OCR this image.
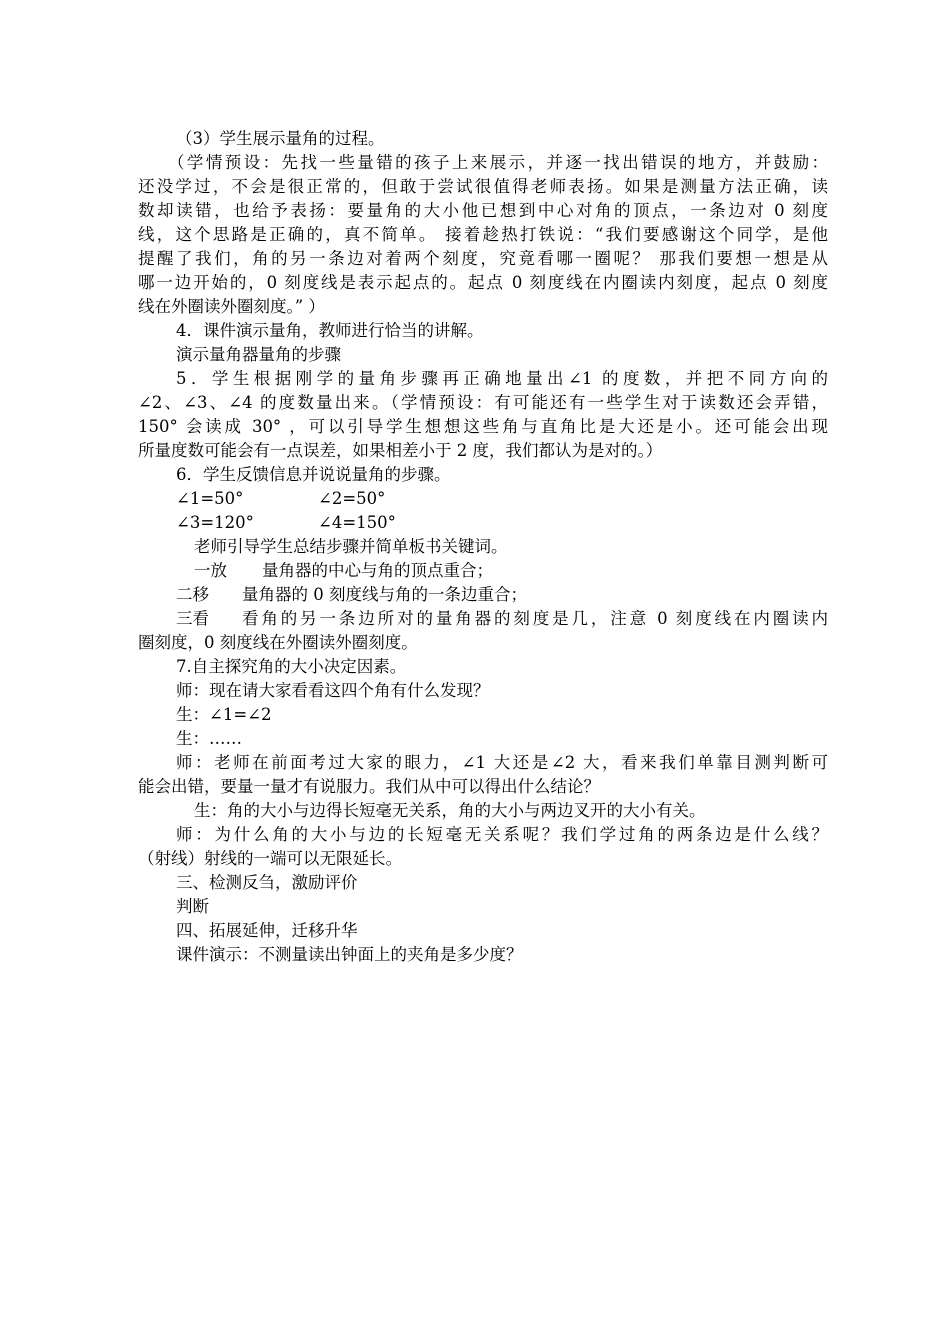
（3）学生展示量角的过程。
（学情预设：先找一些量错的孩子上来展示，并逐一找出错误的地方，并鼓励：
还没学过，不会是很正常的，但敢于尝试很值得老师表扬。如果是测量方法正确，读
数却读错，也给予表扬：要量角的大小他已想到中心对角的顶点，一条边对 0 刻度
线，这个思路是正确的，真不简单。 接着趁热打铁说：“我们要感谢这个同学，是他
提醒了我们，角的另一条边对着两个刻度，究竟看哪一圈呢？ 那我们要想一想是从
哪一边开始的，0 刻度线是表示起点的。起点 0 刻度线在内圈读内刻度，起点 0 刻度
线在外圈读外圈刻度。” ）
4．课件演示量角，教师进行恰当的讲解。
演示量角器量角的步骤
5．学生根据刚学的量角步骤再正确地量出∠1 的度数，并把不同方向的
∠2、∠3、∠4 的度数量出来。（学情预设：有可能还有一些学生对于读数还会弄错，
150° 会读成 30° ，可以引导学生想想这些角与直角比是大还是小。还可能会出现
所量度数可能会有一点误差，如果相差小于 2 度，我们都认为是对的。）
6．学生反馈信息并说说量角的步骤。
∠1=50°	∠2=50°
∠3=120°	∠4=150°
老师引导学生总结步骤并简单板书关键词。
一放	量角器的中心与角的顶点重合；
二移	量角器的 0 刻度线与角的一条边重合；
三看	看角的另一条边所对的量角器的刻度是几，注意 0 刻度线在内圈读内
圈刻度，0 刻度线在外圈读外圈刻度。
7.自主探究角的大小决定因素。
师：现在请大家看看这四个角有什么发现？
生：∠1=∠2
生：……
师：老师在前面考过大家的眼力，∠1 大还是∠2 大，看来我们单靠目测判断可
能会出错，要量一量才有说服力。我们从中可以得出什么结论？
生：角的大小与边得长短毫无关系，角的大小与两边叉开的大小有关。
师：为什么角的大小与边的长短毫无关系呢？我们学过角的两条边是什么线？
（射线）射线的一端可以无限延长。
三、检测反刍，激励评价
判断
四、拓展延伸，迁移升华
课件演示：不测量读出钟面上的夹角是多少度？
